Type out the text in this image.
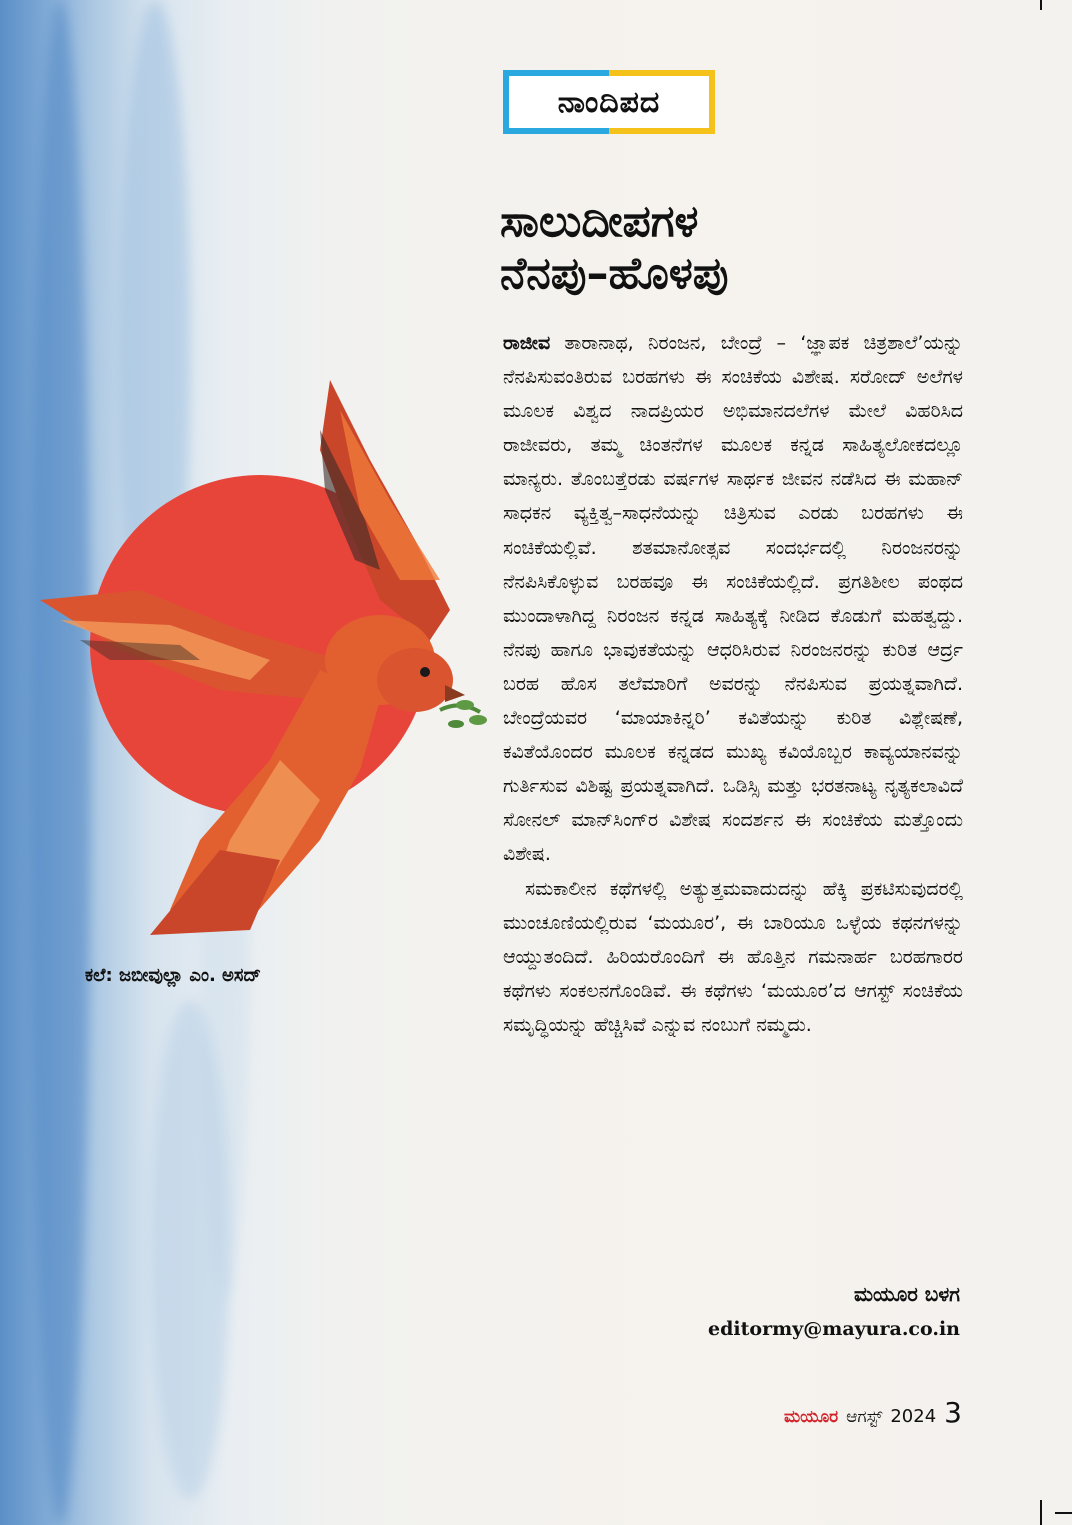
ಕಲೆ: ಜಬೀವುಲ್ಲಾ ಎಂ. ಅಸದ್
ನಾಂದಿಪದ
ಸಾಲುದೀಪಗಳ
ನೆನಪು–ಹೊಳಪು

ರಾಜೀವ ತಾರಾನಾಥ, ನಿರಂಜನ, ಬೇಂದ್ರೆ – ‘ಜ್ಞಾಪಕ ಚಿತ್ರಶಾಲೆ’ಯನ್ನು ನೆನಪಿಸುವಂತಿರುವ ಬರಹಗಳು ಈ ಸಂಚಿಕೆಯ ವಿಶೇಷ. ಸರೋದ್ ಅಲೆಗಳ ಮೂಲಕ ವಿಶ್ವದ ನಾದಪ್ರಿಯರ ಅಭಿಮಾನದಲೆಗಳ ಮೇಲೆ ವಿಹರಿಸಿದ ರಾಜೀವರು, ತಮ್ಮ ಚಿಂತನೆಗಳ ಮೂಲಕ ಕನ್ನಡ ಸಾಹಿತ್ಯಲೋಕದಲ್ಲೂ ಮಾನ್ಯರು. ತೊಂಬತ್ತೆರಡು ವರ್ಷಗಳ ಸಾರ್ಥಕ ಜೀವನ ನಡೆಸಿದ ಈ ಮಹಾನ್ ಸಾಧಕನ ವ್ಯಕ್ತಿತ್ವ–ಸಾಧನೆಯನ್ನು ಚಿತ್ರಿಸುವ ಎರಡು ಬರಹಗಳು ಈ ಸಂಚಿಕೆಯಲ್ಲಿವೆ. ಶತಮಾನೋತ್ಸವ ಸಂದರ್ಭದಲ್ಲಿ ನಿರಂಜನರನ್ನು ನೆನಪಿಸಿಕೊಳ್ಳುವ ಬರಹವೂ ಈ ಸಂಚಿಕೆಯಲ್ಲಿದೆ. ಪ್ರಗತಿಶೀಲ ಪಂಥದ ಮುಂದಾಳಾಗಿದ್ದ ನಿರಂಜನ ಕನ್ನಡ ಸಾಹಿತ್ಯಕ್ಕೆ ನೀಡಿದ ಕೊಡುಗೆ ಮಹತ್ವದ್ದು. ನೆನಪು ಹಾಗೂ ಭಾವುಕತೆಯನ್ನು ಆಧರಿಸಿರುವ ನಿರಂಜನರನ್ನು ಕುರಿತ ಆರ್ದ್ರ ಬರಹ ಹೊಸ ತಲೆಮಾರಿಗೆ ಅವರನ್ನು ನೆನಪಿಸುವ ಪ್ರಯತ್ನವಾಗಿದೆ. ಬೇಂದ್ರೆಯವರ ‘ಮಾಯಾಕಿನ್ನರಿ’ ಕವಿತೆಯನ್ನು ಕುರಿತ ವಿಶ್ಲೇಷಣೆ, ಕವಿತೆಯೊಂದರ ಮೂಲಕ ಕನ್ನಡದ ಮುಖ್ಯ ಕವಿಯೊಬ್ಬರ ಕಾವ್ಯಯಾನವನ್ನು ಗುರ್ತಿಸುವ ವಿಶಿಷ್ಟ ಪ್ರಯತ್ನವಾಗಿದೆ. ಒಡಿಸ್ಸಿ ಮತ್ತು ಭರತನಾಟ್ಯ ನೃತ್ಯಕಲಾವಿದೆ ಸೋನಲ್ ಮಾನ್‌ಸಿಂಗ್‌ರ ವಿಶೇಷ ಸಂದರ್ಶನ ಈ ಸಂಚಿಕೆಯ ಮತ್ತೊಂದು ವಿಶೇಷ.

ಸಮಕಾಲೀನ ಕಥೆಗಳಲ್ಲಿ ಅತ್ಯುತ್ತಮವಾದುದನ್ನು ಹೆಕ್ಕಿ ಪ್ರಕಟಿಸುವುದರಲ್ಲಿ ಮುಂಚೂಣಿಯಲ್ಲಿರುವ ‘ಮಯೂರ’, ಈ ಬಾರಿಯೂ ಒಳ್ಳೆಯ ಕಥನಗಳನ್ನು ಆಯ್ದುತಂದಿದೆ. ಹಿರಿಯರೊಂದಿಗೆ ಈ ಹೊತ್ತಿನ ಗಮನಾರ್ಹ ಬರಹಗಾರರ ಕಥೆಗಳು ಸಂಕಲನಗೊಂಡಿವೆ. ಈ ಕಥೆಗಳು ‘ಮಯೂರ’ದ ಆಗಸ್ಟ್ ಸಂಚಿಕೆಯ ಸಮೃದ್ಧಿಯನ್ನು ಹೆಚ್ಚಿಸಿವೆ ಎನ್ನುವ ನಂಬುಗೆ ನಮ್ಮದು.

ಮಯೂರ ಬಳಗ
editormy@mayura.co.in
ಮಯೂರ ಆಗಸ್ಟ್ 2024 3
